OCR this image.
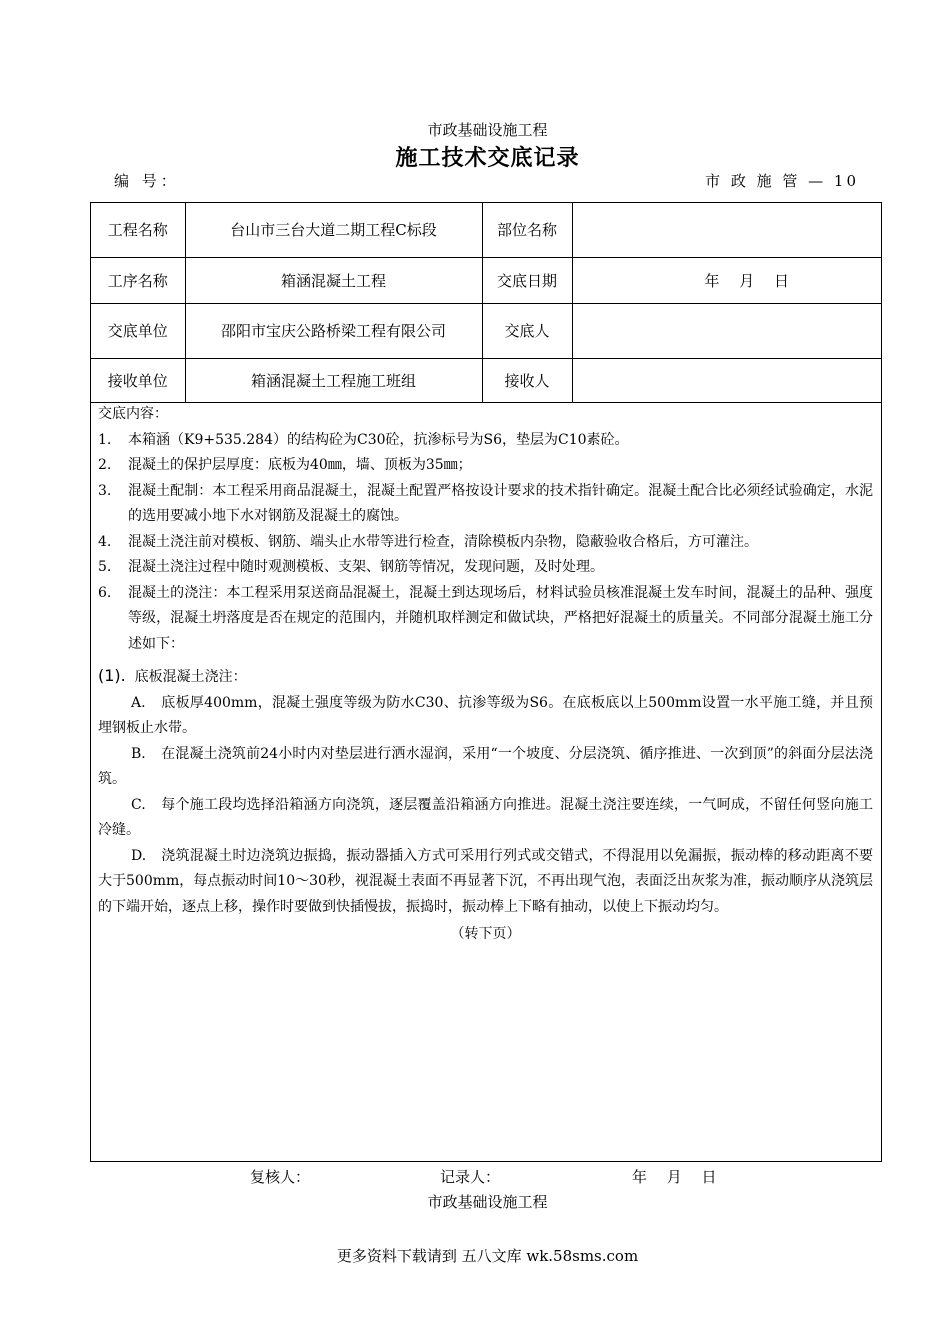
市政基础设施工程
施工技术交底记录
编 号：	市 政 施 管 — 10
工程名称	台山市三台大道二期工程C标段	部位名称	
工序名称	箱涵混凝土工程	交底日期	年　 月　 日
交底单位	邵阳市宝庆公路桥梁工程有限公司	交底人	
接收单位	箱涵混凝土工程施工班组	接收人	

交底内容：

1. 本箱涵（K9+535.284）的结构砼为C30砼，抗渗标号为S6，垫层为C10素砼。

2. 混凝土的保护层厚度：底板为40㎜，墙、顶板为35㎜；

3. 混凝土配制：本工程采用商品混凝土，混凝土配置严格按设计要求的技术指针确定。混凝土配合比必须经试验确定，水泥的选用要减小地下水对钢筋及混凝土的腐蚀。

4. 混凝土浇注前对模板、钢筋、端头止水带等进行检查，清除模板内杂物，隐蔽验收合格后，方可灌注。

5. 混凝土浇注过程中随时观测模板、支架、钢筋等情况，发现问题，及时处理。

6. 混凝土的浇注：本工程采用泵送商品混凝土，混凝土到达现场后，材料试验员核准混凝土发车时间，混凝土的品种、强度等级，混凝土坍落度是否在规定的范围内，并随机取样测定和做试块，严格把好混凝土的质量关。不同部分混凝土施工分述如下：

(1). 底板混凝土浇注：

A. 底板厚400mm，混凝土强度等级为防水C30、抗渗等级为S6。在底板底以上500mm设置一水平施工缝，并且预埋钢板止水带。

B. 在混凝土浇筑前24小时内对垫层进行洒水湿润，采用“一个坡度、分层浇筑、循序推进、一次到顶”的斜面分层法浇筑。

C. 每个施工段均选择沿箱涵方向浇筑，逐层覆盖沿箱涵方向推进。混凝土浇注要连续，一气呵成，不留任何竖向施工冷缝。

D. 浇筑混凝土时边浇筑边振捣，振动器插入方式可采用行列式或交错式，不得混用以免漏振，振动棒的移动距离不要大于500mm，每点振动时间10～30秒，视混凝土表面不再显著下沉，不再出现气泡，表面泛出灰浆为准，振动顺序从浇筑层的下端开始，逐点上移，操作时要做到快插慢拔，振捣时，振动棒上下略有抽动，以使上下振动均匀。

（转下页）

复核人：	记录人：	年　 月　 日
市政基础设施工程
更多资料下载请到 五八文库 wk.58sms.com
